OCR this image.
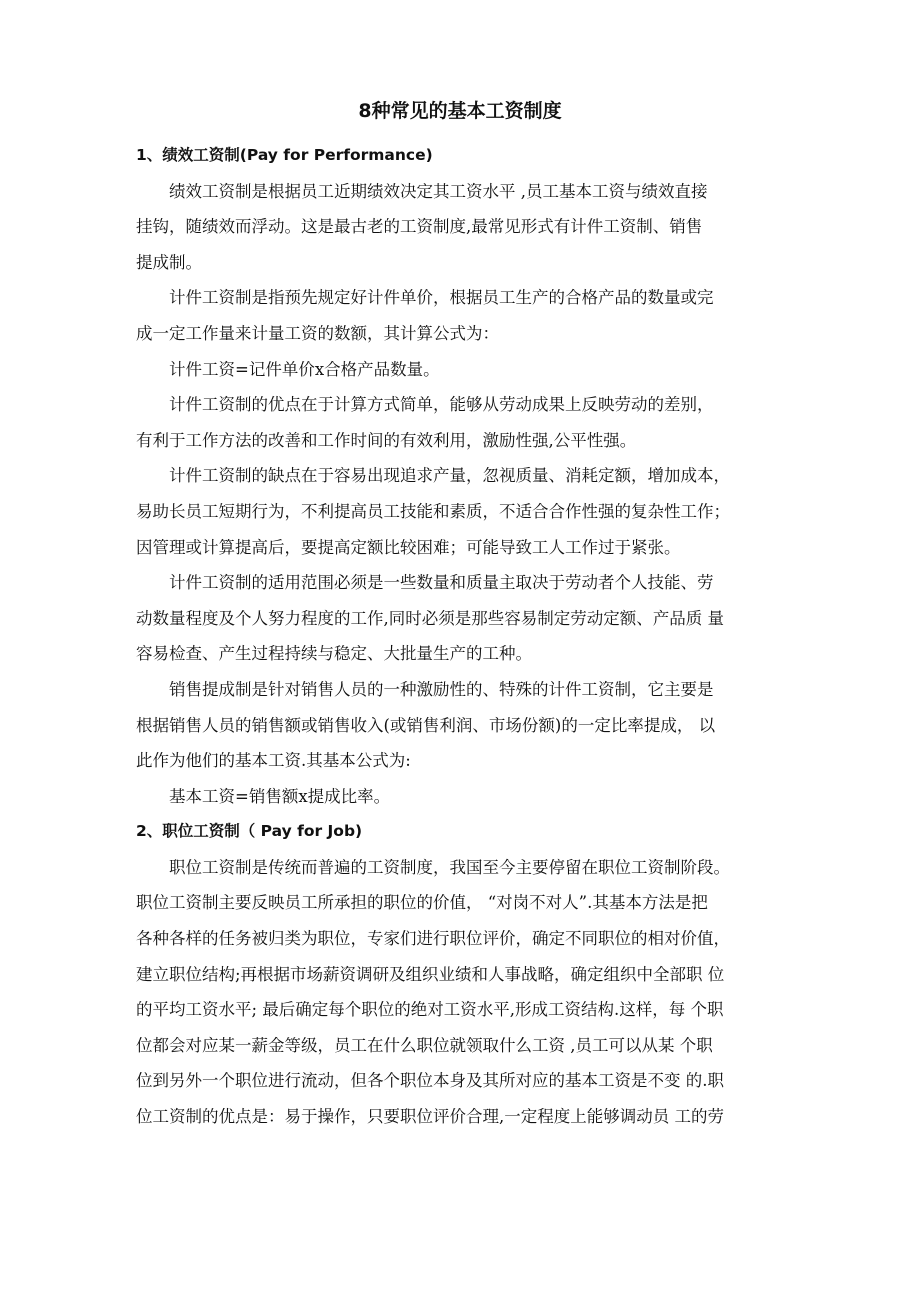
8种常见的基本工资制度
1、绩效工资制(Pay for Performance)
绩效工资制是根据员工近期绩效决定其工资水平 ,员工基本工资与绩效直接
挂钩，随绩效而浮动。这是最古老的工资制度,最常见形式有计件工资制、销售
提成制。
计件工资制是指预先规定好计件单价，根据员工生产的合格产品的数量或完
成一定工作量来计量工资的数额，其计算公式为：
计件工资=记件单价x合格产品数量。
计件工资制的优点在于计算方式简单，能够从劳动成果上反映劳动的差别，
有利于工作方法的改善和工作时间的有效利用，激励性强,公平性强。
计件工资制的缺点在于容易出现追求产量，忽视质量、消耗定额，增加成本，
易助长员工短期行为，不利提高员工技能和素质，不适合合作性强的复杂性工作；
因管理或计算提高后，要提高定额比较困难；可能导致工人工作过于紧张。
计件工资制的适用范围必须是一些数量和质量主取决于劳动者个人技能、劳
动数量程度及个人努力程度的工作,同时必须是那些容易制定劳动定额、产品质 量
容易检查、产生过程持续与稳定、大批量生产的工种。
销售提成制是针对销售人员的一种激励性的、特殊的计件工资制，它主要是
根据销售人员的销售额或销售收入(或销售利润、市场份额)的一定比率提成， 以
此作为他们的基本工资.其基本公式为:
基本工资=销售额x提成比率。
2、职位工资制（ Pay for Job)
职位工资制是传统而普遍的工资制度，我国至今主要停留在职位工资制阶段。
职位工资制主要反映员工所承担的职位的价值， “对岗不对人”.其基本方法是把
各种各样的任务被归类为职位，专家们进行职位评价，确定不同职位的相对价值，
建立职位结构;再根据市场薪资调研及组织业绩和人事战略，确定组织中全部职 位
的平均工资水平; 最后确定每个职位的绝对工资水平,形成工资结构.这样，每 个职
位都会对应某一薪金等级，员工在什么职位就领取什么工资 ,员工可以从某 个职
位到另外一个职位进行流动，但各个职位本身及其所对应的基本工资是不变 的.职
位工资制的优点是：易于操作，只要职位评价合理,一定程度上能够调动员 工的劳
